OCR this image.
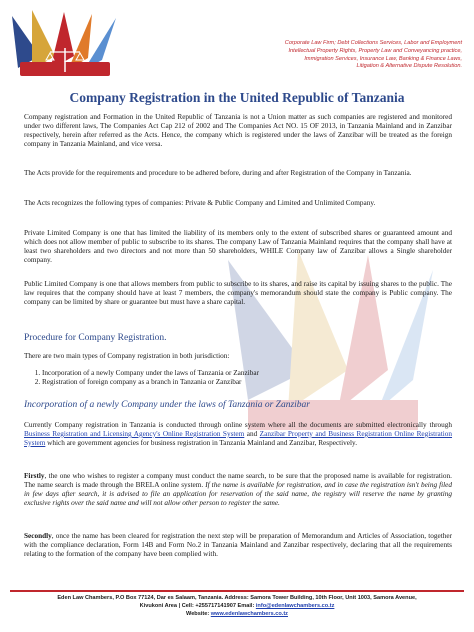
Corporate Law Firm; Debt Collections Services, Labor and Employment
Intellectual Property Rights, Property Law and Conveyancing practice,
Immigration Services, Insurance Law, Banking & Finance Laws,
Litigation & Alternative Dispute Resolution.
Company Registration in the United Republic of Tanzania

Company registration and Formation in the United Republic of Tanzania is not a Union matter as such companies are registered and monitored under two different laws, The Companies Act Cap 212 of 2002 and The Companies Act NO. 15 OF 2013, in Tanzania Mainland and in Zanzibar respectively, herein after referred as the Acts. Hence, the company which is registered under the laws of Zanzibar will be treated as the foreign company in Tanzania Mainland, and vice versa.

The Acts provide for the requirements and procedure to be adhered before, during and after Registration of the Company in Tanzania.

The Acts recognizes the following types of companies: Private & Public Company and Limited and Unlimited Company.

Private Limited Company is one that has limited the liability of its members only to the extent of subscribed shares or guaranteed amount and which does not allow member of public to subscribe to its shares. The company Law of Tanzania Mainland requires that the company shall have at least two shareholders and two directors and not more than 50 shareholders, WHILE Company law of Zanzibar allows a Single shareholder company.

Public Limited Company is one that allows members from public to subscribe to its shares, and raise its capital by issuing shares to the public. The law requires that the company should have at least 7 members, the company's memorandum should state the company is Public company. The company can be limited by share or guarantee but must have a share capital.

Procedure for Company Registration.

There are two main types of Company registration in both jurisdiction:

1. Incorporation of a newly Company under the laws of Tanzania or Zanzibar
2. Registration of foreign company as a branch in Tanzania or Zanzibar
Incorporation of a newly Company under the laws of Tanzania or Zanzibar

Currently Company registration in Tanzania is conducted through online system where all the documents are submitted electronically through Business Registration and Licensing Agency's Online Registration System and Zanzibar Property and Business Registration Online Registration System which are government agencies for business registration in Tanzania Mainland and Zanzibar, Respectively.

Firstly, the one who wishes to register a company must conduct the name search, to be sure that the proposed name is available for registration. The name search is made through the BRELA online system. If the name is available for registration, and in case the registration isn't being filed in few days after search, it is advised to file an application for reservation of the said name, the registry will reserve the name by granting exclusive rights over the said name and will not allow other person to register the same.

Secondly, once the name has been cleared for registration the next step will be preparation of Memorandum and Articles of Association, together with the compliance declaration, Form 14B and Form No.2 in Tanzania Mainland and Zanzibar respectively, declaring that all the requirements relating to the formation of the company have been complied with.

Eden Law Chambers, P.O Box 77124, Dar es Salaam, Tanzania. Address: Samora Tower Building, 10th Floor, Unit 1003, Samora Avenue,
Kivukoni Area | Cell: +255717141907 Email: info@edenlawchambers.co.tz
Website: www.edenlawchambers.co.tz
